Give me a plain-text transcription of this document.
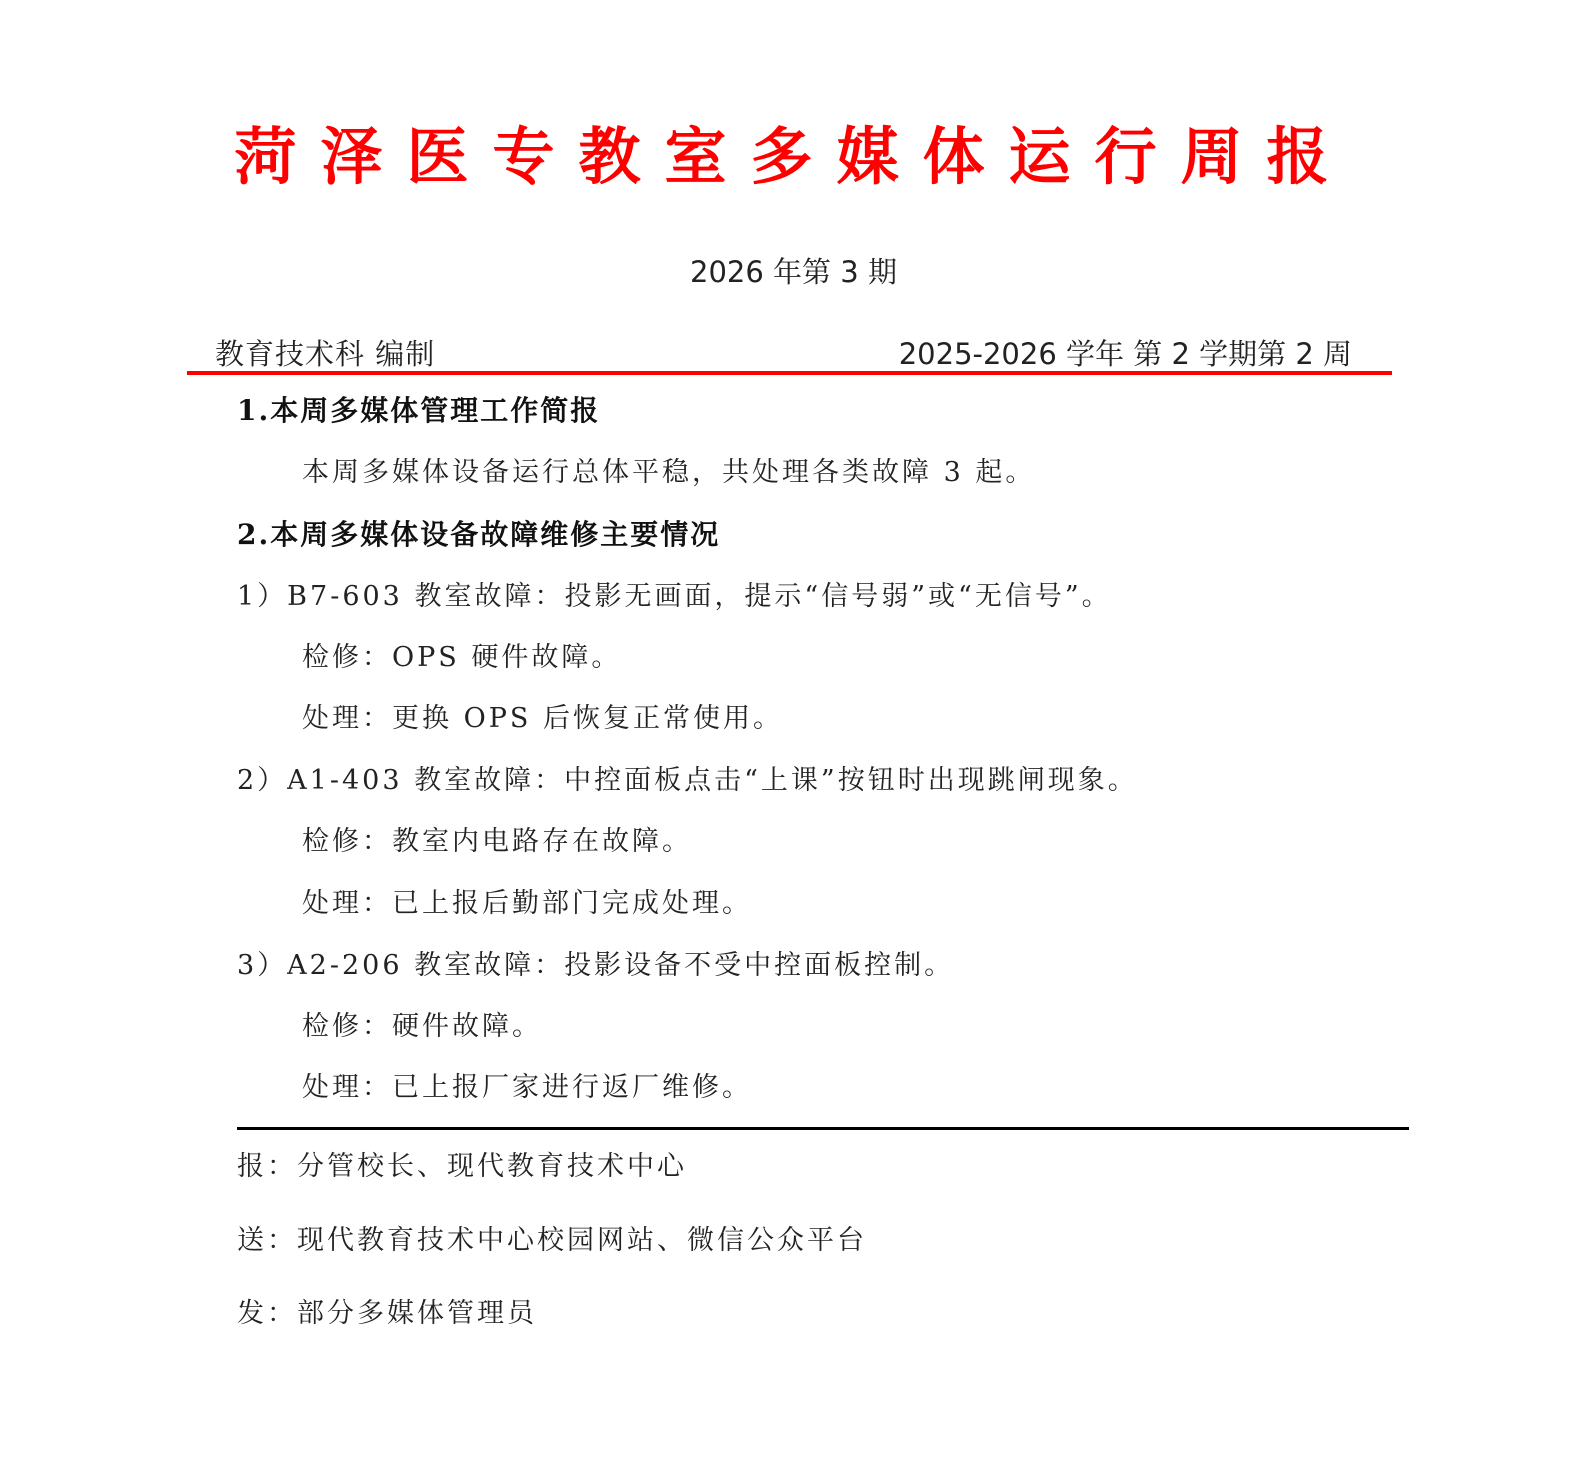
菏泽医专教室多媒体运行周报
2026 年第 3 期
教育技术科 编制	2025-2026 学年 第 2 学期第 2 周
1.本周多媒体管理工作简报
本周多媒体设备运行总体平稳，共处理各类故障 3 起。
2.本周多媒体设备故障维修主要情况
1）B7-603 教室故障：投影无画面，提示“信号弱”或“无信号”。
检修：OPS 硬件故障。
处理：更换 OPS 后恢复正常使用。
2）A1-403 教室故障：中控面板点击“上课”按钮时出现跳闸现象。
检修：教室内电路存在故障。
处理：已上报后勤部门完成处理。
3）A2-206 教室故障：投影设备不受中控面板控制。
检修：硬件故障。
处理：已上报厂家进行返厂维修。
报：分管校长、现代教育技术中心
送：现代教育技术中心校园网站、微信公众平台
发：部分多媒体管理员
